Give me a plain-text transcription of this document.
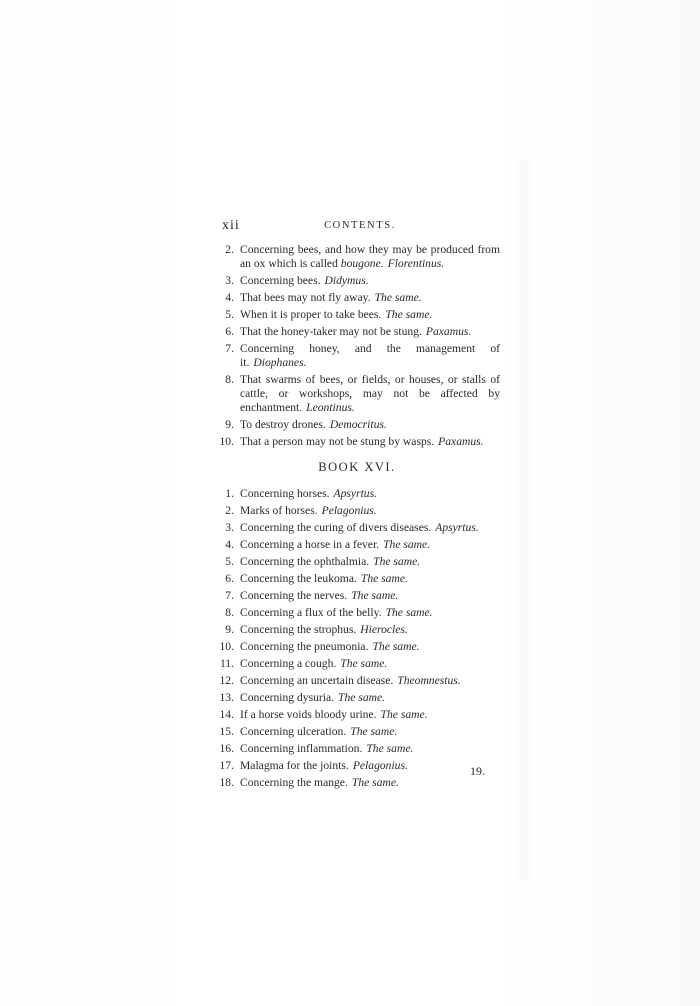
xii	CONTENTS.
2. Concerning bees, and how they may be produced from an ox which is called bougone. Florentinus.
3. Concerning bees. Didymus.
4. That bees may not fly away. The same.
5. When it is proper to take bees. The same.
6. That the honey-taker may not be stung. Paxamus.
7. Concerning honey, and the management of it. Diophanes.
8. That swarms of bees, or fields, or houses, or stalls of cattle, or workshops, may not be affected by enchantment. Leontinus.
9. To destroy drones. Democritus.
10. That a person may not be stung by wasps. Paxamus.
BOOK XVI.
1. Concerning horses. Apsyrtus.
2. Marks of horses. Pelagonius.
3. Concerning the curing of divers diseases. Apsyrtus.
4. Concerning a horse in a fever. The same.
5. Concerning the ophthalmia. The same.
6. Concerning the leukoma. The same.
7. Concerning the nerves. The same.
8. Concerning a flux of the belly. The same.
9. Concerning the strophus. Hierocles.
10. Concerning the pneumonia. The same.
11. Concerning a cough. The same.
12. Concerning an uncertain disease. Theomnestus.
13. Concerning dysuria. The same.
14. If a horse voids bloody urine. The same.
15. Concerning ulceration. The same.
16. Concerning inflammation. The same.
17. Malagma for the joints. Pelagonius.
18. Concerning the mange. The same.
19.
